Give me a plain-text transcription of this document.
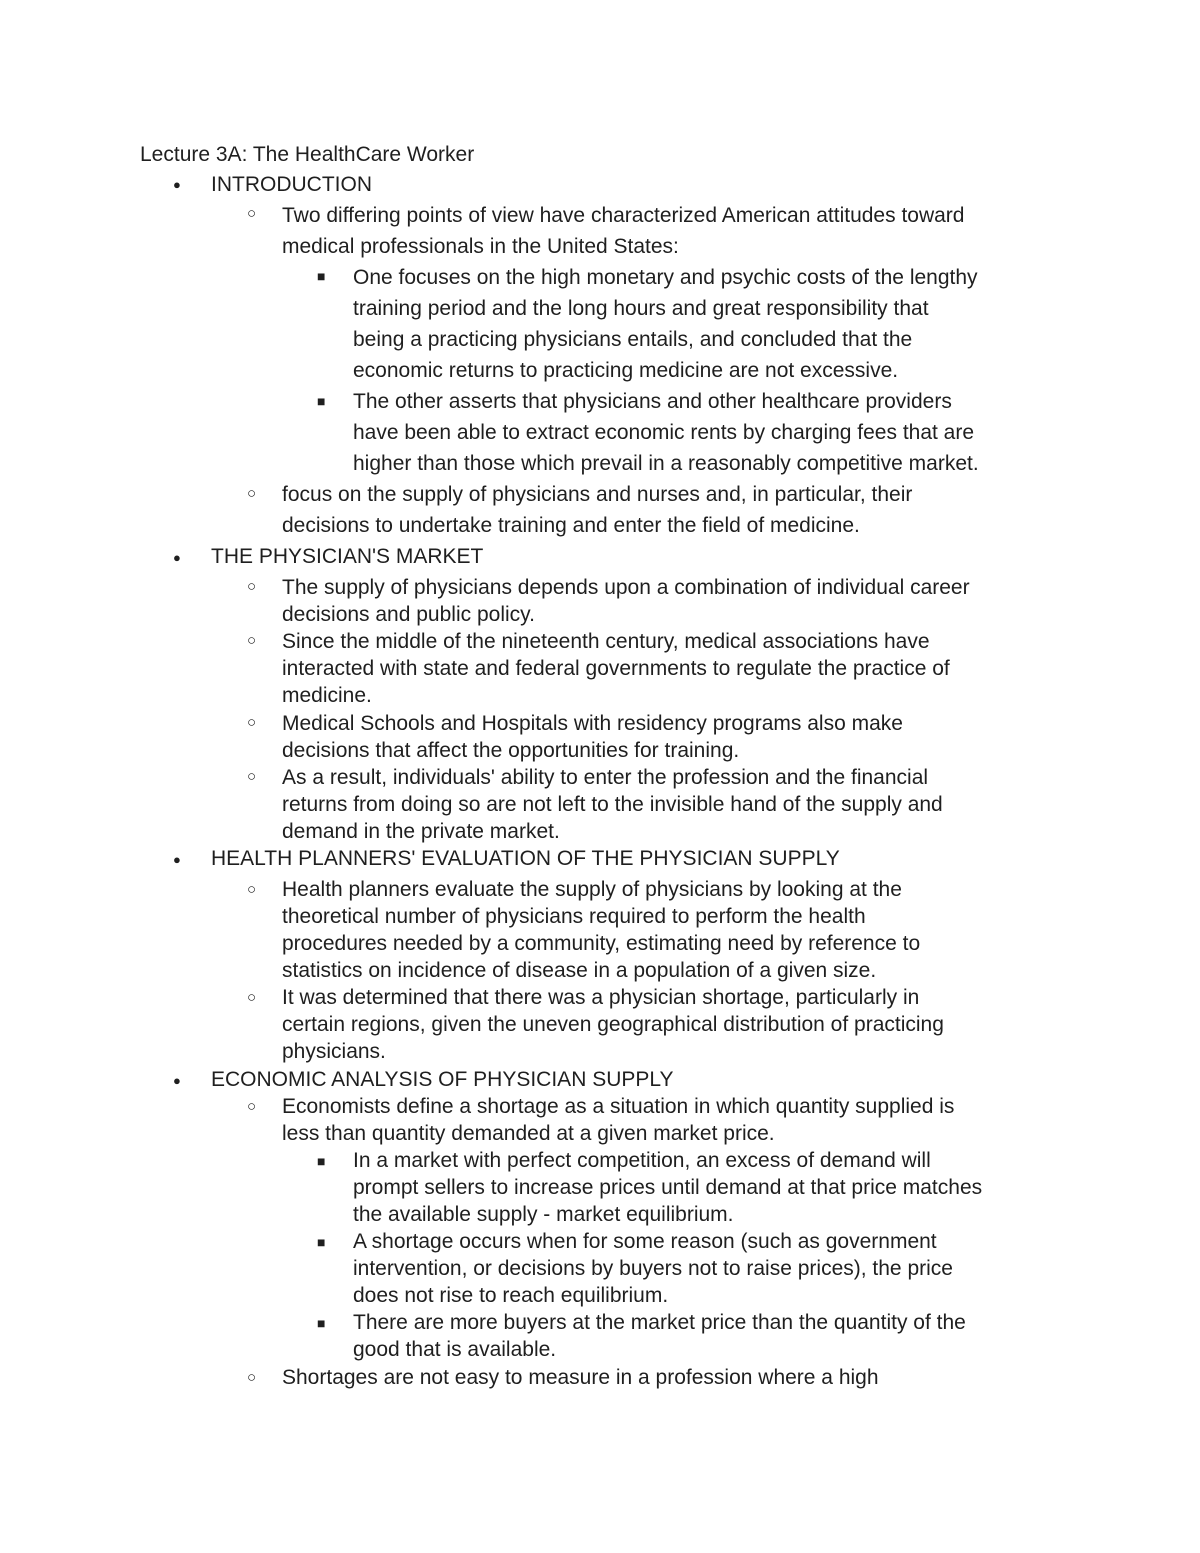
Lecture 3A: The HealthCare Worker
● INTRODUCTION
○ Two differing points of view have characterized American attitudes toward
medical professionals in the United States:
■ One focuses on the high monetary and psychic costs of the lengthy
training period and the long hours and great responsibility that
being a practicing physicians entails, and concluded that the
economic returns to practicing medicine are not excessive.
■ The other asserts that physicians and other healthcare providers
have been able to extract economic rents by charging fees that are
higher than those which prevail in a reasonably competitive market.
○ focus on the supply of physicians and nurses and, in particular, their
decisions to undertake training and enter the field of medicine.
● THE PHYSICIAN'S MARKET
○ The supply of physicians depends upon a combination of individual career
decisions and public policy.
○ Since the middle of the nineteenth century, medical associations have
interacted with state and federal governments to regulate the practice of
medicine.
○ Medical Schools and Hospitals with residency programs also make
decisions that affect the opportunities for training.
○ As a result, individuals' ability to enter the profession and the financial
returns from doing so are not left to the invisible hand of the supply and
demand in the private market.
● HEALTH PLANNERS' EVALUATION OF THE PHYSICIAN SUPPLY
○ Health planners evaluate the supply of physicians by looking at the
theoretical number of physicians required to perform the health
procedures needed by a community, estimating need by reference to
statistics on incidence of disease in a population of a given size.
○ It was determined that there was a physician shortage, particularly in
certain regions, given the uneven geographical distribution of practicing
physicians.
● ECONOMIC ANALYSIS OF PHYSICIAN SUPPLY
○ Economists define a shortage as a situation in which quantity supplied is
less than quantity demanded at a given market price.
■ In a market with perfect competition, an excess of demand will
prompt sellers to increase prices until demand at that price matches
the available supply - market equilibrium.
■ A shortage occurs when for some reason (such as government
intervention, or decisions by buyers not to raise prices), the price
does not rise to reach equilibrium.
■ There are more buyers at the market price than the quantity of the
good that is available.
○ Shortages are not easy to measure in a profession where a high
